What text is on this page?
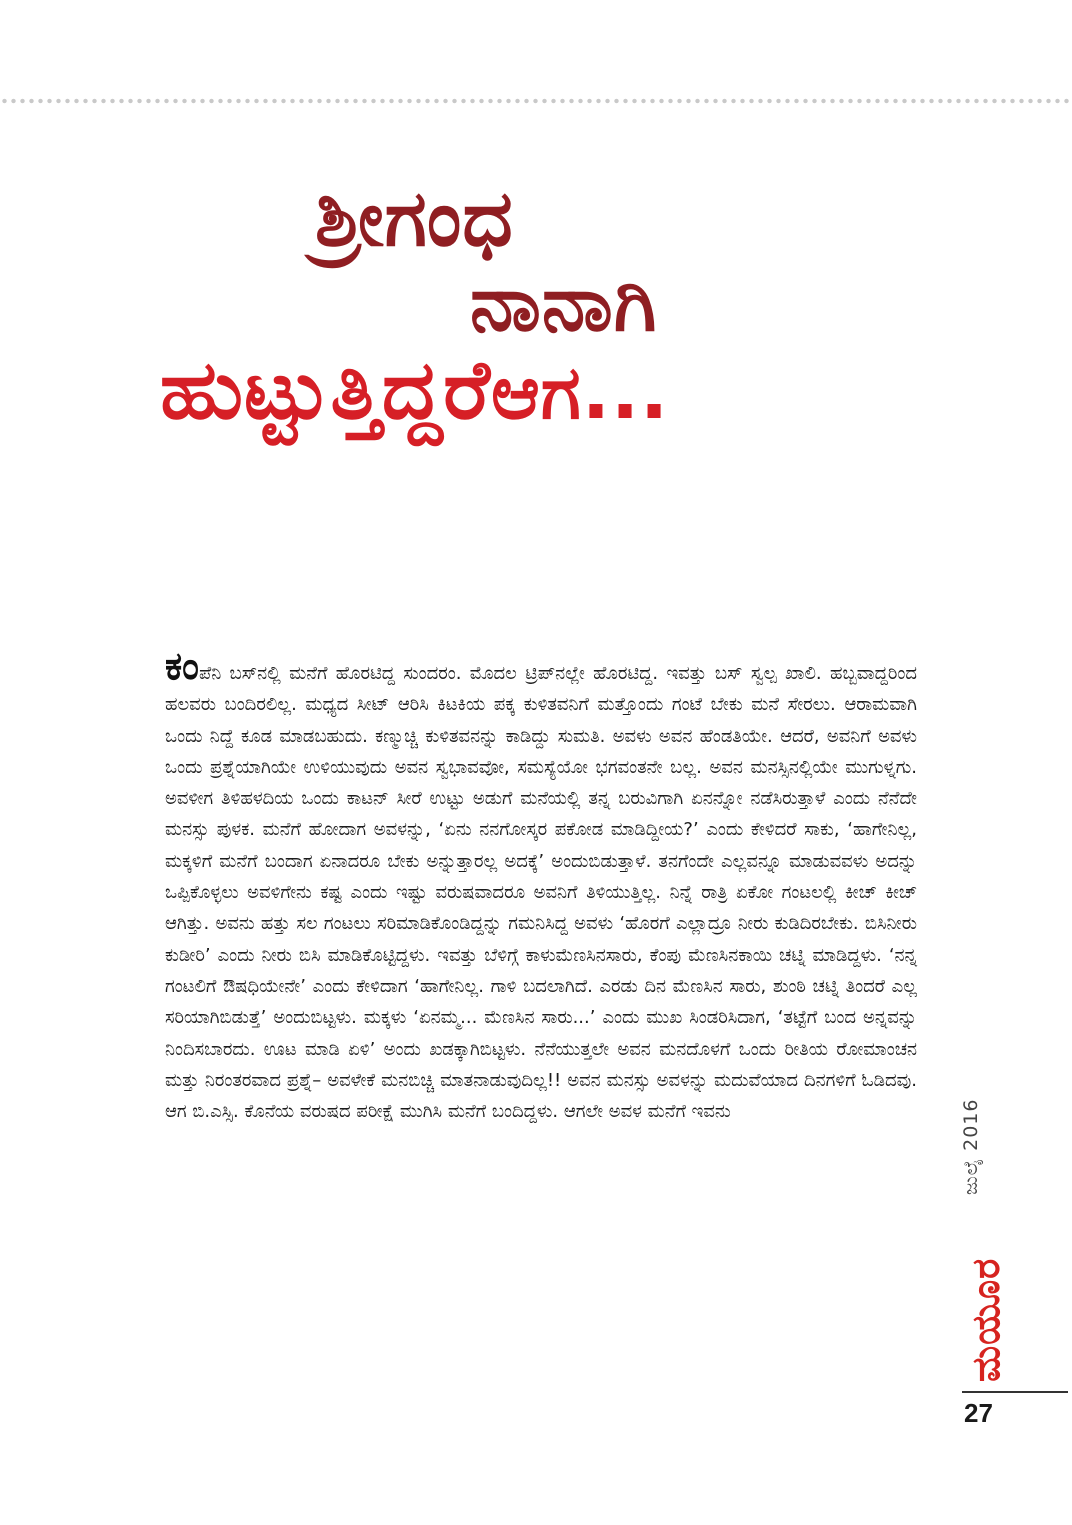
ಶ್ರೀಗಂಧ
ನಾನಾಗಿ
ಹುಟ್ಟುತ್ತಿದ್ದರೆಆಗ...
ಕಂಪೆನಿ ಬಸ್‌ನಲ್ಲಿ ಮನೆಗೆ ಹೊರಟಿದ್ದ ಸುಂದರಂ. ಮೊದಲ ಟ್ರಿಪ್‌ನಲ್ಲೇ ಹೊರಟಿದ್ದ. ಇವತ್ತು ಬಸ್ ಸ್ವಲ್ಪ ಖಾಲಿ. ಹಬ್ಬವಾದ್ದರಿಂದ ಹಲವರು ಬಂದಿರಲಿಲ್ಲ. ಮಧ್ಯದ ಸೀಟ್ ಆರಿಸಿ ಕಿಟಕಿಯ ಪಕ್ಕ ಕುಳಿತವನಿಗೆ ಮತ್ತೊಂದು ಗಂಟೆ ಬೇಕು ಮನೆ ಸೇರಲು. ಆರಾಮವಾಗಿ ಒಂದು ನಿದ್ದೆ ಕೂಡ ಮಾಡಬಹುದು. ಕಣ್ಮುಚ್ಚಿ ಕುಳಿತವನನ್ನು ಕಾಡಿದ್ದು ಸುಮತಿ. ಅವಳು ಅವನ ಹೆಂಡತಿಯೇ. ಆದರೆ, ಅವನಿಗೆ ಅವಳು ಒಂದು ಪ್ರಶ್ನೆಯಾಗಿಯೇ ಉಳಿಯುವುದು ಅವನ ಸ್ವಭಾವವೋ, ಸಮಸ್ಯೆಯೋ ಭಗವಂತನೇ ಬಲ್ಲ. ಅವನ ಮನಸ್ಸಿನಲ್ಲಿಯೇ ಮುಗುಳ್ನಗು. ಅವಳೀಗ ತಿಳಿಹಳದಿಯ ಒಂದು ಕಾಟನ್ ಸೀರೆ ಉಟ್ಟು ಅಡುಗೆ ಮನೆಯಲ್ಲಿ ತನ್ನ ಬರುವಿಗಾಗಿ ಏನನ್ನೋ ನಡೆಸಿರುತ್ತಾಳೆ ಎಂದು ನೆನೆದೇ ಮನಸ್ಸು ಪುಳಕ. ಮನೆಗೆ ಹೋದಾಗ ಅವಳನ್ನು, ‘ಏನು ನನಗೋಸ್ಕರ ಪಕೋಡ ಮಾಡಿದ್ದೀಯ?’ ಎಂದು ಕೇಳಿದರೆ ಸಾಕು, ‘ಹಾಗೇನಿಲ್ಲ, ಮಕ್ಕಳಿಗೆ ಮನೆಗೆ ಬಂದಾಗ ಏನಾದರೂ ಬೇಕು ಅನ್ನುತ್ತಾರಲ್ಲ ಅದಕ್ಕೆ’ ಅಂದುಬಿಡುತ್ತಾಳೆ. ತನಗೆಂದೇ ಎಲ್ಲವನ್ನೂ ಮಾಡುವವಳು ಅದನ್ನು ಒಪ್ಪಿಕೊಳ್ಳಲು ಅವಳಿಗೇನು ಕಷ್ಟ ಎಂದು ಇಷ್ಟು ವರುಷವಾದರೂ ಅವನಿಗೆ ತಿಳಿಯುತ್ತಿಲ್ಲ. ನಿನ್ನೆ ರಾತ್ರಿ ಏಕೋ ಗಂಟಲಲ್ಲಿ ಕೀಚ್ ಕೀಚ್ ಆಗಿತ್ತು. ಅವನು ಹತ್ತು ಸಲ ಗಂಟಲು ಸರಿಮಾಡಿಕೊಂಡಿದ್ದನ್ನು ಗಮನಿಸಿದ್ದ ಅವಳು ‘ಹೊರಗೆ ಎಲ್ಲಾದ್ರೂ ನೀರು ಕುಡಿದಿರಬೇಕು. ಬಿಸಿನೀರು ಕುಡೀರಿ’ ಎಂದು ನೀರು ಬಿಸಿ ಮಾಡಿಕೊಟ್ಟಿದ್ದಳು. ಇವತ್ತು ಬೆಳಿಗ್ಗೆ ಕಾಳುಮೆಣಸಿನಸಾರು, ಕೆಂಪು ಮೆಣಸಿನಕಾಯಿ ಚಟ್ನಿ ಮಾಡಿದ್ದಳು. ‘ನನ್ನ ಗಂಟಲಿಗೆ ಔಷಧಿಯೇನೇ’ ಎಂದು ಕೇಳಿದಾಗ ‘ಹಾಗೇನಿಲ್ಲ. ಗಾಳಿ ಬದಲಾಗಿದೆ. ಎರಡು ದಿನ ಮೆಣಸಿನ ಸಾರು, ಶುಂಠಿ ಚಟ್ನಿ ತಿಂದರೆ ಎಲ್ಲ ಸರಿಯಾಗಿಬಿಡುತ್ತೆ’ ಅಂದುಬಿಟ್ಟಳು. ಮಕ್ಕಳು ‘ಏನಮ್ಮ... ಮೆಣಸಿನ ಸಾರು...’ ಎಂದು ಮುಖ ಸಿಂಡರಿಸಿದಾಗ, ‘ತಟ್ಟೆಗೆ ಬಂದ ಅನ್ನವನ್ನು ನಿಂದಿಸಬಾರದು. ಊಟ ಮಾಡಿ ಏಳಿ’ ಅಂದು ಖಡಕ್ಕಾಗಿಬಿಟ್ಟಳು. ನೆನೆಯುತ್ತಲೇ ಅವನ ಮನದೊಳಗೆ ಒಂದು ರೀತಿಯ ರೋಮಾಂಚನ ಮತ್ತು ನಿರಂತರವಾದ ಪ್ರಶ್ನೆ– ಅವಳೇಕೆ ಮನಬಿಚ್ಚಿ ಮಾತನಾಡುವುದಿಲ್ಲ!! ಅವನ ಮನಸ್ಸು ಅವಳನ್ನು ಮದುವೆಯಾದ ದಿನಗಳಿಗೆ ಓಡಿದವು. ಆಗ ಬಿ.ಎಸ್ಸಿ. ಕೊನೆಯ ವರುಷದ ಪರೀಕ್ಷೆ ಮುಗಿಸಿ ಮನೆಗೆ ಬಂದಿದ್ದಳು. ಆಗಲೇ ಅವಳ ಮನೆಗೆ ಇವನು	ಜುಲೈ 2016
ಮಯೂರ
27
